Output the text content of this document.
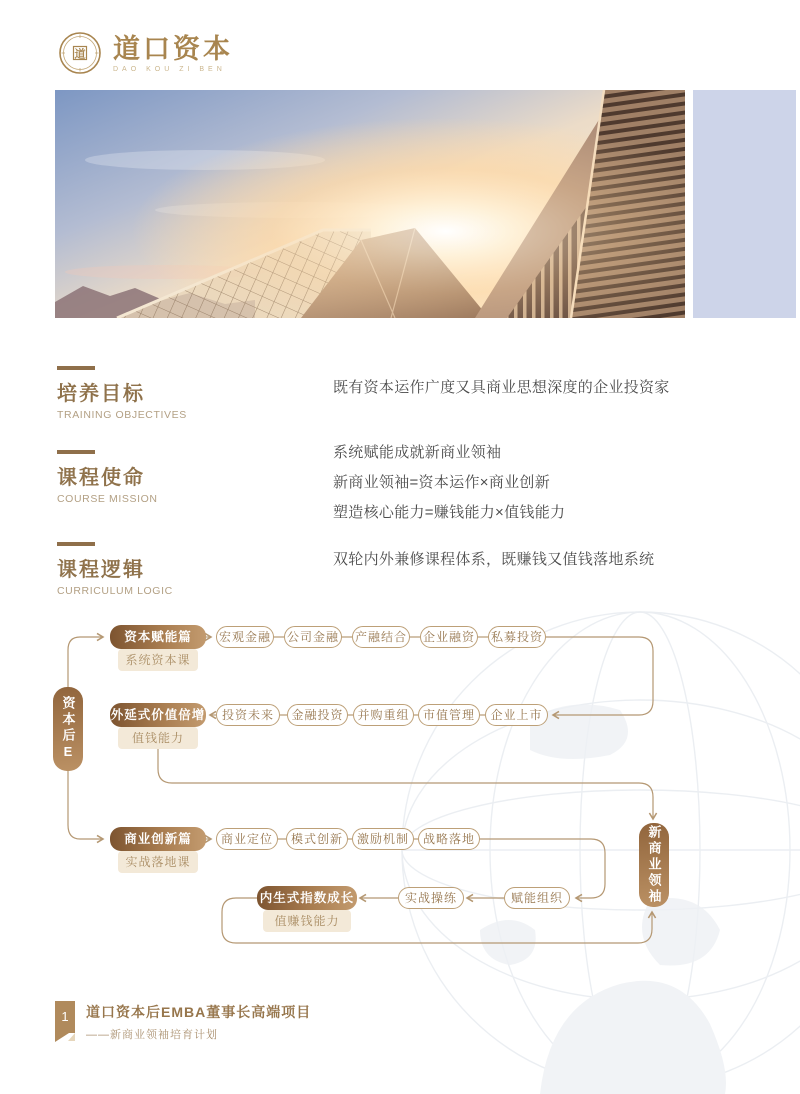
道 道口资本
DAO KOU ZI BEN
培养目标
TRAINING OBJECTIVES
既有资本运作广度又具商业思想深度的企业投资家
课程使命
COURSE MISSION
系统赋能成就新商业领袖
新商业领袖=资本运作×商业创新
塑造核心能力=赚钱能力×值钱能力
课程逻辑
CURRICULUM LOGIC
双轮内外兼修课程体系，既赚钱又值钱落地系统
资本后E
新商业领袖
资本赋能篇
系统资本课
宏观金融 公司金融 产融结合 企业融资 私募投资
外延式价值倍增
值钱能力
投资未来	金融投资	并购重组	市值管理	企业上市
商业创新篇
实战落地课
商业定位	模式创新	激励机制	战略落地
内生式指数成长
值赚钱能力
实战操练	赋能组织
1	道口资本后EMBA董事长高端项目
——新商业领袖培育计划
